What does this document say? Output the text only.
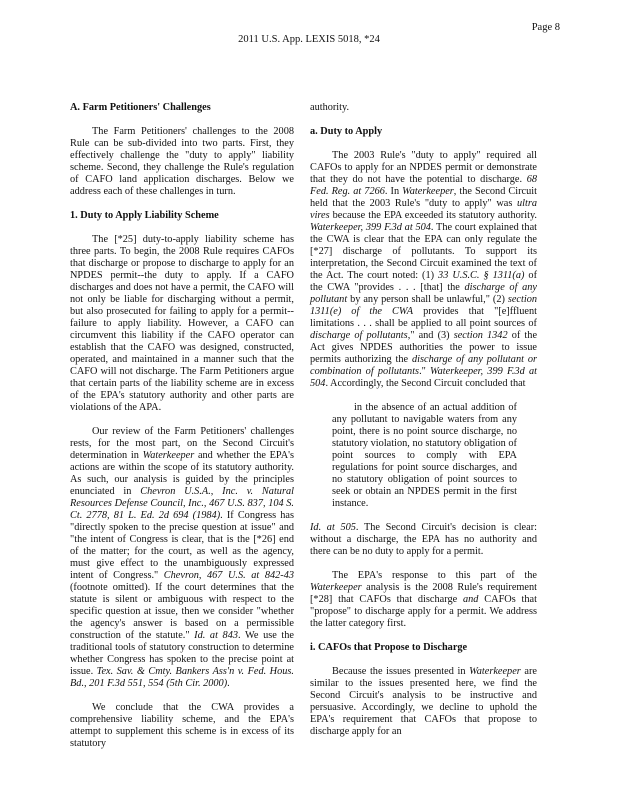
Page 8
2011 U.S. App. LEXIS 5018, *24
A. Farm Petitioners' Challenges

The Farm Petitioners' challenges to the 2008 Rule can be sub-divided into two parts. First, they effectively challenge the "duty to apply" liability scheme. Second, they challenge the Rule's regulation of CAFO land application discharges. Below we address each of these challenges in turn.

1. Duty to Apply Liability Scheme

The [*25] duty-to-apply liability scheme has three parts. To begin, the 2008 Rule requires CAFOs that discharge or propose to discharge to apply for an NPDES permit--the duty to apply. If a CAFO discharges and does not have a permit, the CAFO will not only be liable for discharging without a permit, but also prosecuted for failing to apply for a permit--failure to apply liability. However, a CAFO can circumvent this liability if the CAFO operator can establish that the CAFO was designed, constructed, operated, and maintained in a manner such that the CAFO will not discharge. The Farm Petitioners argue that certain parts of the liability scheme are in excess of the EPA's statutory authority and other parts are violations of the APA.

Our review of the Farm Petitioners' challenges rests, for the most part, on the Second Circuit's determination in Waterkeeper and whether the EPA's actions are within the scope of its statutory authority. As such, our analysis is guided by the principles enunciated in Chevron U.S.A., Inc. v. Natural Resources Defense Council, Inc., 467 U.S. 837, 104 S. Ct. 2778, 81 L. Ed. 2d 694 (1984). If Congress has "directly spoken to the precise question at issue" and "the intent of Congress is clear, that is the [*26] end of the matter; for the court, as well as the agency, must give effect to the unambiguously expressed intent of Congress." Chevron, 467 U.S. at 842-43 (footnote omitted). If the court determines that the statute is silent or ambiguous with respect to the specific question at issue, then we consider "whether the agency's answer is based on a permissible construction of the statute." Id. at 843. We use the traditional tools of statutory construction to determine whether Congress has spoken to the precise point at issue. Tex. Sav. & Cmty. Bankers Ass'n v. Fed. Hous. Bd., 201 F.3d 551, 554 (5th Cir. 2000).

We conclude that the CWA provides a comprehensive liability scheme, and the EPA's attempt to supplement this scheme is in excess of its statutory

authority.

a. Duty to Apply

The 2003 Rule's "duty to apply" required all CAFOs to apply for an NPDES permit or demonstrate that they do not have the potential to discharge. 68 Fed. Reg. at 7266. In Waterkeeper, the Second Circuit held that the 2003 Rule's "duty to apply" was ultra vires because the EPA exceeded its statutory authority. Waterkeeper, 399 F.3d at 504. The court explained that the CWA is clear that the EPA can only regulate the [*27] discharge of pollutants. To support its interpretation, the Second Circuit examined the text of the Act. The court noted: (1) 33 U.S.C. § 1311(a) of the CWA "provides . . . [that] the discharge of any pollutant by any person shall be unlawful," (2) section 1311(e) of the CWA provides that "[e]ffluent limitations . . . shall be applied to all point sources of discharge of pollutants," and (3) section 1342 of the Act gives NPDES authorities the power to issue permits authorizing the discharge of any pollutant or combination of pollutants." Waterkeeper, 399 F.3d at 504. Accordingly, the Second Circuit concluded that

in the absence of an actual addition of any pollutant to navigable waters from any point, there is no point source discharge, no statutory violation, no statutory obligation of point sources to comply with EPA regulations for point source discharges, and no statutory obligation of point sources to seek or obtain an NPDES permit in the first instance.

Id. at 505. The Second Circuit's decision is clear: without a discharge, the EPA has no authority and there can be no duty to apply for a permit.

The EPA's response to this part of the Waterkeeper analysis is the 2008 Rule's requirement [*28] that CAFOs that discharge and CAFOs that "propose" to discharge apply for a permit. We address the latter category first.

i. CAFOs that Propose to Discharge

Because the issues presented in Waterkeeper are similar to the issues presented here, we find the Second Circuit's analysis to be instructive and persuasive. Accordingly, we decline to uphold the EPA's requirement that CAFOs that propose to discharge apply for an
